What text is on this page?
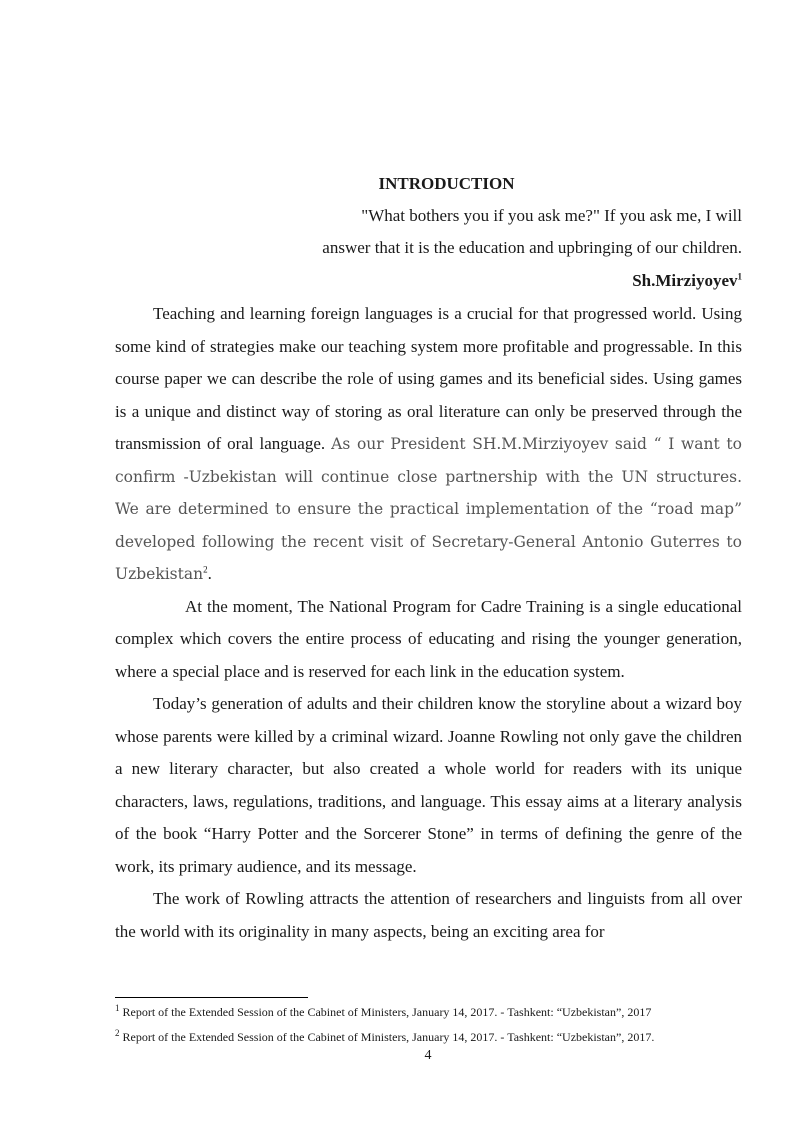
INTRODUCTION
"What bothers you if you ask me?" If you ask me, I will
answer that it is the education and upbringing of our children.
Sh.Mirziyoyev$^1$

Teaching and learning foreign languages is a crucial for that progressed world. Using some kind of strategies make our teaching system more profitable and progressable. In this course paper we can describe the role of using games and its beneficial sides. Using games is a unique and distinct way of storing as oral literature can only be preserved through the transmission of oral language. As our President SH.M.Mirziyoyev said “ I want to confirm -Uzbekistan will continue close partnership with the UN structures. We are determined to ensure the practical implementation of the “road map” developed following the recent visit of Secretary-General Antonio Guterres to Uzbekistan$^2$.

At the moment, The National Program for Cadre Training is a single educational complex which covers the entire process of educating and rising the younger generation, where a special place and is reserved for each link in the education system.

Today’s generation of adults and their children know the storyline about a wizard boy whose parents were killed by a criminal wizard. Joanne Rowling not only gave the children a new literary character, but also created a whole world for readers with its unique characters, laws, regulations, traditions, and language. This essay aims at a literary analysis of the book “Harry Potter and the Sorcerer Stone” in terms of defining the genre of the work, its primary audience, and its message.

The work of Rowling attracts the attention of researchers and linguists from all over the world with its originality in many aspects, being an exciting area for

$^1$ Report of the Extended Session of the Cabinet of Ministers, January 14, 2017. - Tashkent: “Uzbekistan”, 2017
$^2$ Report of the Extended Session of the Cabinet of Ministers, January 14, 2017. - Tashkent: “Uzbekistan”, 2017.
4
